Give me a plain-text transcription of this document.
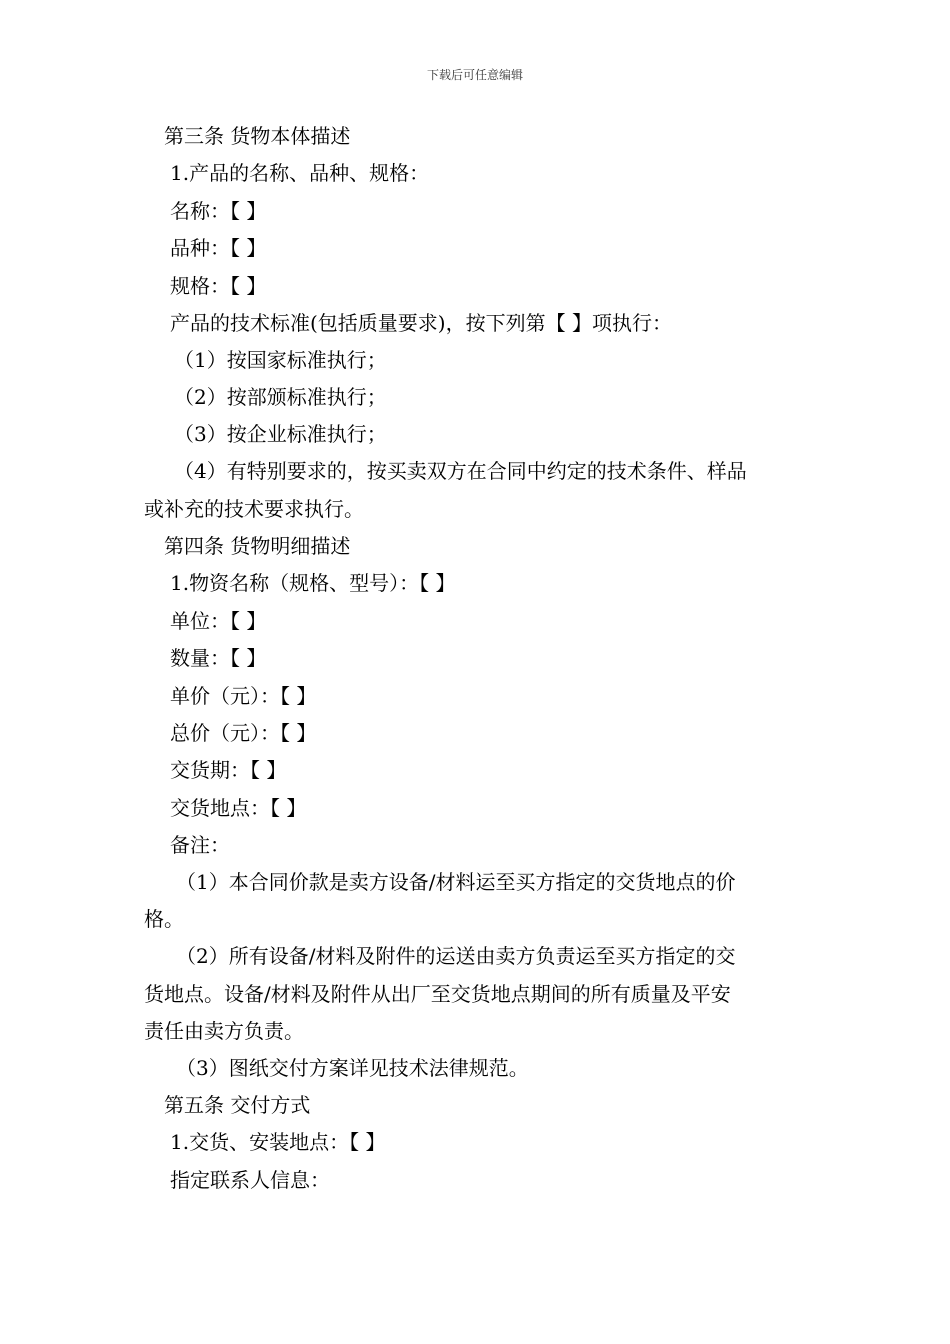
下载后可任意编辑
第三条 货物本体描述
1.产品的名称、品种、规格：
名称：【 】
品种：【 】
规格：【 】
产品的技术标准(包括质量要求)，按下列第【 】项执行：
（1）按国家标准执行；
（2）按部颁标准执行；
（3）按企业标准执行；
（4）有特别要求的，按买卖双方在合同中约定的技术条件、样品
或补充的技术要求执行。
第四条 货物明细描述
1.物资名称（规格、型号）：【 】
单位：【 】
数量：【 】
单价（元）：【 】
总价（元）：【 】
交货期：【 】
交货地点：【 】
备注：
（1）本合同价款是卖方设备/材料运至买方指定的交货地点的价
格。
（2）所有设备/材料及附件的运送由卖方负责运至买方指定的交
货地点。设备/材料及附件从出厂至交货地点期间的所有质量及平安
责任由卖方负责。
（3）图纸交付方案详见技术法律规范。
第五条 交付方式
1.交货、安装地点：【 】
指定联系人信息：
